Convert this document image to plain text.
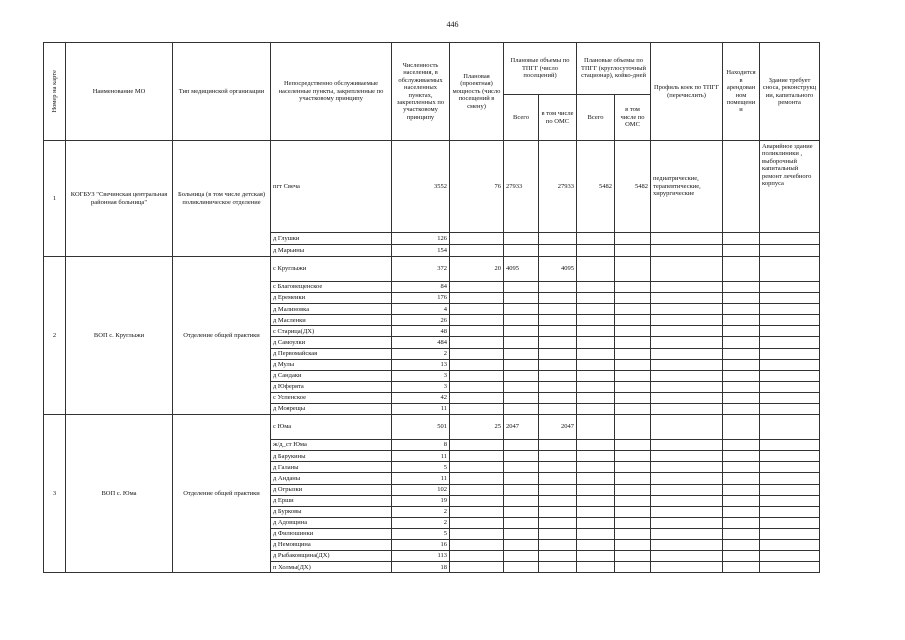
446
Номер на карте	Наименование МО	Тип медицинской организации	Непосредственно обслуживаемые населенные пункты, закрепленные по участковому принципу	Численность населения, в обслуживаемых населенных пунктах, закрепленных по участковому принципу	Плановая (проектная) мощность (число посещений в смену)	Плановые объемы по ТПГГ (число посещений)		Плановые объемы по ТПГГ (круглосуточный стационар), койко-дней		Профиль коек по ТПГГ (перечислить)	Находится в арендован ном помещени и	Здание требует сноса, реконструкц ии, капитального ремонта
						Всего	в том числе по ОМС	Всего	в том числе по ОМС			
1	КОГБУЗ "Свечинская центральная районная больница"	Больница (в том числе детская) поликлиническое отделение	пгт Свеча	3552	76	27933	27933	5482	5482	педиатрические, терапевтические, хирургические		Аварийное здание поликлиники , выборочный капитальный ремонт лечебного корпуса
			д Глушки	126								
			д Марьины	154								
2	ВОП с. Круглыжи	Отделение общей практики	с Круглыжи	372	20	4095	4095					
			с Благовещенское	84								
			д Еремеики	176								
			д Малиновка	4								
			д Масленки	26								
			с Старица(ДХ)	48								
			д Самоулки	484								
			д Первомайская	2								
			д Мулы	13								
			д Сандаки	3								
			д Юферята	3								
			с Успенское	42								
			д Моярещы	11								
3	ВОП с. Юма	Отделение общей практики	с Юма	501	25	2047	2047					
			ж/д_ст Юма	8								
			д Барукины	11								
			д Галаны	5								
			д Анданы	11								
			д Огрызки	102								
			д Ерши	19								
			д Бурковы	2								
			д Адовщина	2								
			д Филюшинки	5								
			д Немовщина	16								
			д Рыбаковщина(ДХ)	113								
			п Холмы(ДХ)	18								
